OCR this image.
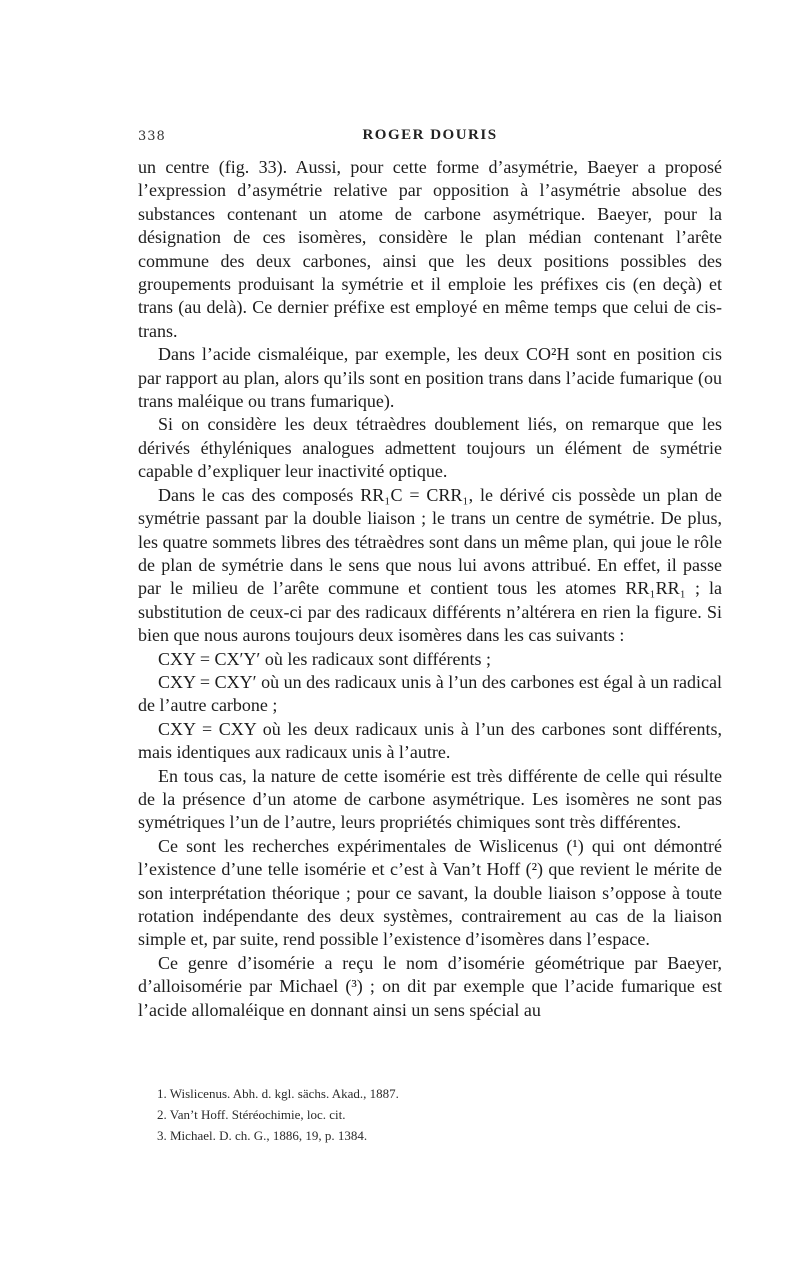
338	ROGER DOURIS

un centre (fig. 33). Aussi, pour cette forme d’asymétrie, Baeyer a proposé l’expression d’asymétrie relative par opposition à l’asymétrie absolue des substances contenant un atome de carbone asymétrique. Baeyer, pour la désignation de ces isomères, considère le plan médian contenant l’arête commune des deux carbones, ainsi que les deux positions possibles des groupements produisant la symétrie et il emploie les préfixes cis (en deçà) et trans (au delà). Ce dernier préfixe est employé en même temps que celui de cis-trans.

Dans l’acide cismaléique, par exemple, les deux CO²H sont en position cis par rapport au plan, alors qu’ils sont en position trans dans l’acide fumarique (ou trans maléique ou trans fumarique).

Si on considère les deux tétraèdres doublement liés, on remarque que les dérivés éthyléniques analogues admettent toujours un élément de symétrie capable d’expliquer leur inactivité optique.

Dans le cas des composés RR₁C = CRR₁, le dérivé cis possède un plan de symétrie passant par la double liaison ; le trans un centre de symétrie. De plus, les quatre sommets libres des tétraèdres sont dans un même plan, qui joue le rôle de plan de symétrie dans le sens que nous lui avons attribué. En effet, il passe par le milieu de l’arête commune et contient tous les atomes RR₁RR₁ ; la substitution de ceux-ci par des radicaux différents n’altérera en rien la figure. Si bien que nous aurons toujours deux isomères dans les cas suivants :

CXY = CX′Y′ où les radicaux sont différents ;

CXY = CXY′ où un des radicaux unis à l’un des carbones est égal à un radical de l’autre carbone ;

CXY = CXY où les deux radicaux unis à l’un des carbones sont différents, mais identiques aux radicaux unis à l’autre.

En tous cas, la nature de cette isomérie est très différente de celle qui résulte de la présence d’un atome de carbone asymétrique. Les isomères ne sont pas symétriques l’un de l’autre, leurs propriétés chimiques sont très différentes.

Ce sont les recherches expérimentales de Wislicenus (¹) qui ont démontré l’existence d’une telle isomérie et c’est à Van’t Hoff (²) que revient le mérite de son interprétation théorique ; pour ce savant, la double liaison s’oppose à toute rotation indépendante des deux systèmes, contrairement au cas de la liaison simple et, par suite, rend possible l’existence d’isomères dans l’espace.

Ce genre d’isomérie a reçu le nom d’isomérie géométrique par Baeyer, d’alloisomérie par Michael (³) ; on dit par exemple que l’acide fumarique est l’acide allomaléique en donnant ainsi un sens spécial au

1. Wislicenus. Abh. d. kgl. sächs. Akad., 1887.

2. Van’t Hoff. Stéréochimie, loc. cit.

3. Michael. D. ch. G., 1886, 19, p. 1384.
